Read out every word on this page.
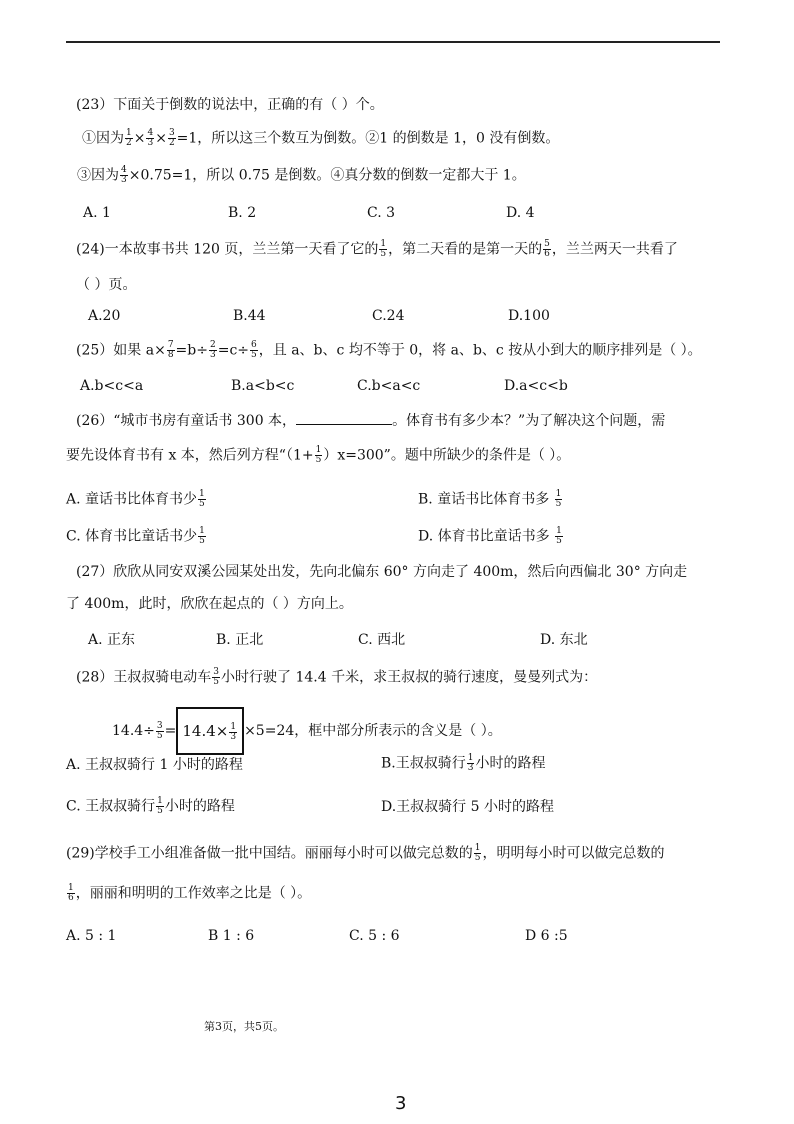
(23）下面关于倒数的说法中，正确的有（ ）个。
①因为 $\frac{1}{2} \times \frac{4}{3} \times \frac{3}{2} =1$，所以这三个数互为倒数。②1 的倒数是 1，0 没有倒数。
③因为 $\frac{4}{3} \times 0.75=1$，所以 0.75 是倒数。④真分数的倒数一定都大于 1。
A. 1	B. 2	C. 3	D. 4
(24)一本故事书共 120 页，兰兰第一天看了它的 $\frac{1}{5}$ ，第二天看的是第一天的 $\frac{5}{6}$ ，兰兰两天一共看了
（ ）页。
A.20	B.44	C.24	D.100
(25）如果 $a\times \frac{7}{8} =b\div \frac{2}{3} =c\div \frac{6}{5}$ ，且 a、b、c 均不等于 0，将 a、b、c 按从小到大的顺序排列是（ ）。
A.b<c<a	B.a<b<c	C.b<a<c	D.a<c<b
(26）“城市书房有童话书 300 本，	。体育书有多少本？”为了解决这个问题，需
要先设体育书有 x 本，然后列方程“$(1+ \frac{1}{5} )x=300$”。题中所缺少的条件是（ ）。
A. 童话书比体育书少 $\frac{1}{5}$	B. 童话书比体育书多 $\frac{1}{5}$
C. 体育书比童话书少 $\frac{1}{5}$	D. 体育书比童话书多 $\frac{1}{5}$
(27）欣欣从同安双溪公园某处出发，先向北偏东 60° 方向走了 400m，然后向西偏北 30° 方向走
了 400m，此时，欣欣在起点的（ ）方向上。
A. 正东	B. 正北	C. 西北	D. 东北
(28）王叔叔骑电动车 $\frac{3}{5}$ 小时行驶了 14.4 千米，求王叔叔的骑行速度，曼曼列式为：
$14.4\div \frac{3}{5} = 14.4\times \frac{1}{3} \times 5=24$，框中部分所表示的含义是（ ）。
A. 王叔叔骑行 1 小时的路程	B.王叔叔骑行 $\frac{1}{3}$ 小时的路程
C. 王叔叔骑行 $\frac{1}{5}$ 小时的路程	D.王叔叔骑行 5 小时的路程
(29)学校手工小组准备做一批中国结。丽丽每小时可以做完总数的 $\frac{1}{5}$ ，明明每小时可以做完总数的
$\frac{1}{6}$ ，丽丽和明明的工作效率之比是（ ）。
A. 5 : 1	B 1 : 6	C. 5 : 6	D 6 :5
第3页，共5页。
3
